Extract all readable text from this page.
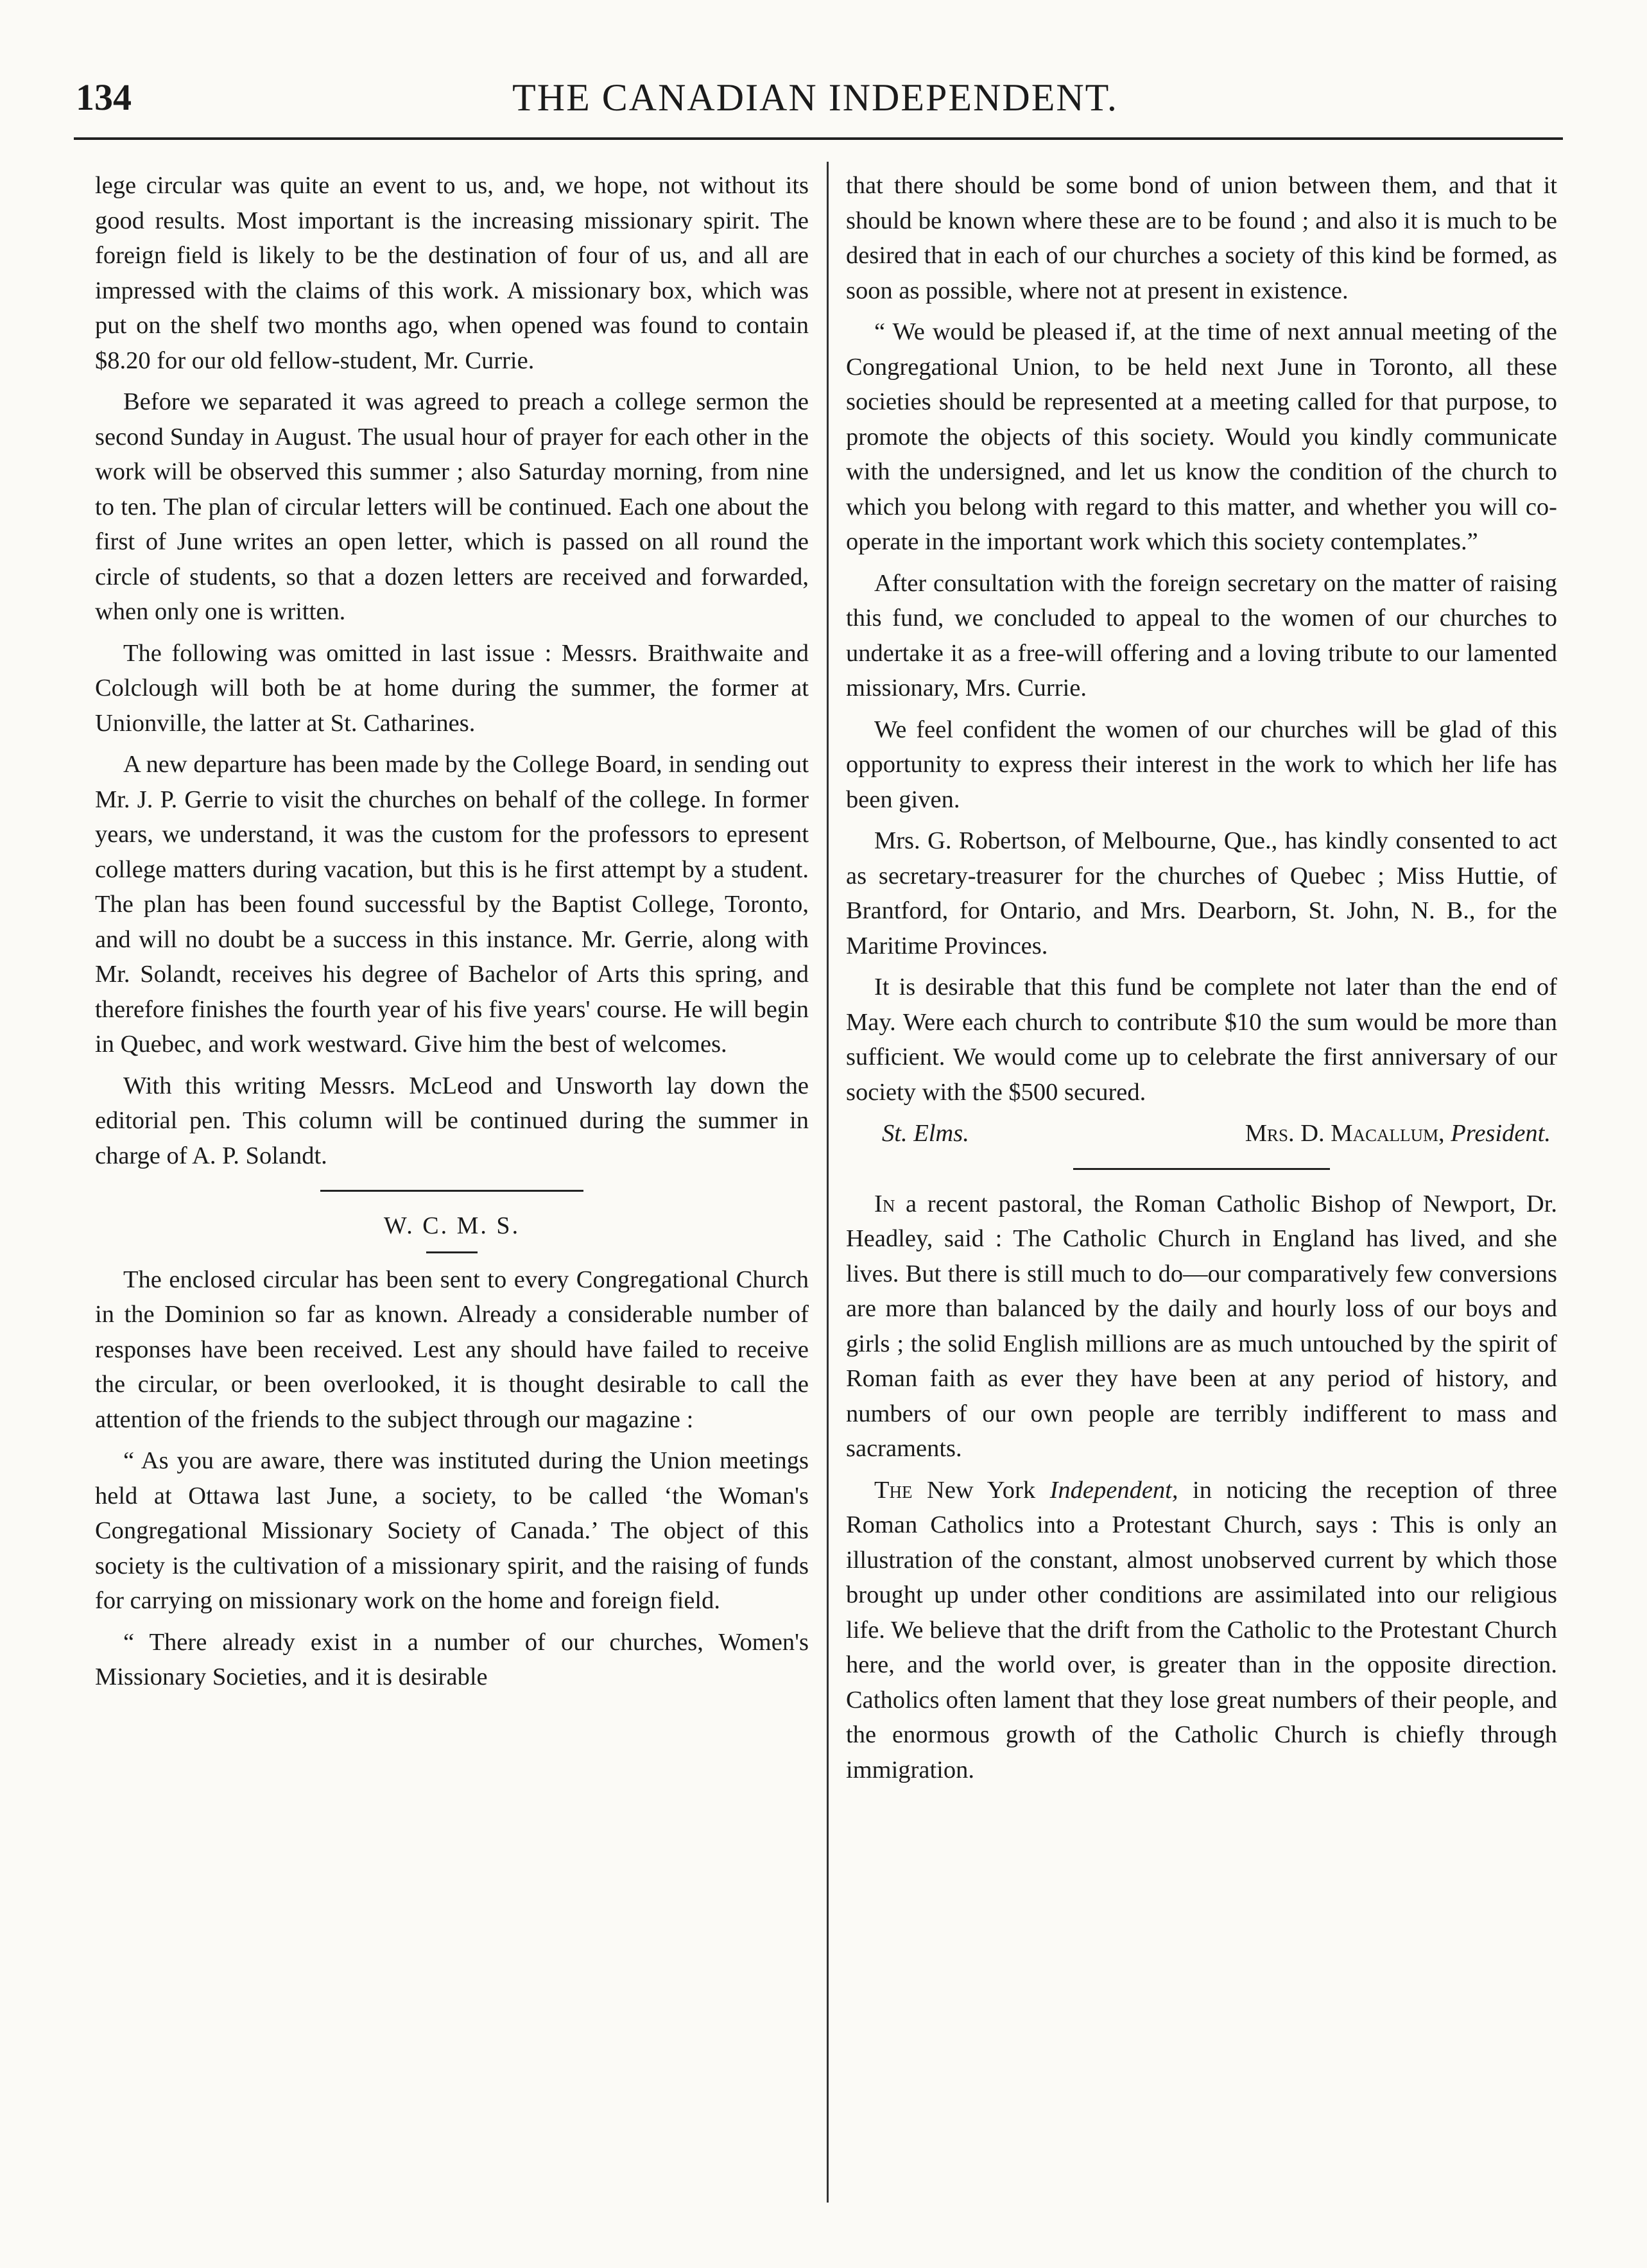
134	THE CANADIAN INDEPENDENT.

lege circular was quite an event to us, and, we hope, not without its good results. Most important is the increasing missionary spirit. The foreign field is likely to be the destination of four of us, and all are impressed with the claims of this work. A missionary box, which was put on the shelf two months ago, when opened was found to contain $8.20 for our old fellow-student, Mr. Currie.

Before we separated it was agreed to preach a college sermon the second Sunday in August. The usual hour of prayer for each other in the work will be observed this summer ; also Saturday morning, from nine to ten. The plan of circular letters will be continued. Each one about the first of June writes an open letter, which is passed on all round the circle of students, so that a dozen letters are received and forwarded, when only one is written.

The following was omitted in last issue : Messrs. Braithwaite and Colclough will both be at home during the summer, the former at Unionville, the latter at St. Catharines.

A new departure has been made by the College Board, in sending out Mr. J. P. Gerrie to visit the churches on behalf of the college. In former years, we understand, it was the custom for the professors to epresent college matters during vacation, but this is he first attempt by a student. The plan has been found successful by the Baptist College, Toronto, and will no doubt be a success in this instance. Mr. Gerrie, along with Mr. Solandt, receives his degree of Bachelor of Arts this spring, and therefore finishes the fourth year of his five years' course. He will begin in Quebec, and work westward. Give him the best of welcomes.

With this writing Messrs. McLeod and Unsworth lay down the editorial pen. This column will be continued during the summer in charge of A. P. Solandt.

W. C. M. S.

The enclosed circular has been sent to every Congregational Church in the Dominion so far as known. Already a considerable number of responses have been received. Lest any should have failed to receive the circular, or been overlooked, it is thought desirable to call the attention of the friends to the subject through our magazine :

“ As you are aware, there was instituted during the Union meetings held at Ottawa last June, a society, to be called ‘the Woman's Congregational Missionary Society of Canada.’ The object of this society is the cultivation of a missionary spirit, and the raising of funds for carrying on missionary work on the home and foreign field.

“ There already exist in a number of our churches, Women's Missionary Societies, and it is desirable

that there should be some bond of union between them, and that it should be known where these are to be found ; and also it is much to be desired that in each of our churches a society of this kind be formed, as soon as possible, where not at present in existence.

“ We would be pleased if, at the time of next annual meeting of the Congregational Union, to be held next June in Toronto, all these societies should be represented at a meeting called for that purpose, to promote the objects of this society. Would you kindly communicate with the undersigned, and let us know the condition of the church to which you belong with regard to this matter, and whether you will co-operate in the important work which this society contemplates.”

After consultation with the foreign secretary on the matter of raising this fund, we concluded to appeal to the women of our churches to undertake it as a free-will offering and a loving tribute to our lamented missionary, Mrs. Currie.

We feel confident the women of our churches will be glad of this opportunity to express their interest in the work to which her life has been given.

Mrs. G. Robertson, of Melbourne, Que., has kindly consented to act as secretary-treasurer for the churches of Quebec ; Miss Huttie, of Brantford, for Ontario, and Mrs. Dearborn, St. John, N. B., for the Maritime Provinces.

It is desirable that this fund be complete not later than the end of May. Were each church to contribute $10 the sum would be more than sufficient. We would come up to celebrate the first anniversary of our society with the $500 secured.

St. Elms.	Mrs. D. Macallum, President.

In a recent pastoral, the Roman Catholic Bishop of Newport, Dr. Headley, said : The Catholic Church in England has lived, and she lives. But there is still much to do—our comparatively few conversions are more than balanced by the daily and hourly loss of our boys and girls ; the solid English millions are as much untouched by the spirit of Roman faith as ever they have been at any period of history, and numbers of our own people are terribly indifferent to mass and sacraments.

The New York Independent, in noticing the reception of three Roman Catholics into a Protestant Church, says : This is only an illustration of the constant, almost unobserved current by which those brought up under other conditions are assimilated into our religious life. We believe that the drift from the Catholic to the Protestant Church here, and the world over, is greater than in the opposite direction. Catholics often lament that they lose great numbers of their people, and the enormous growth of the Catholic Church is chiefly through immigration.
